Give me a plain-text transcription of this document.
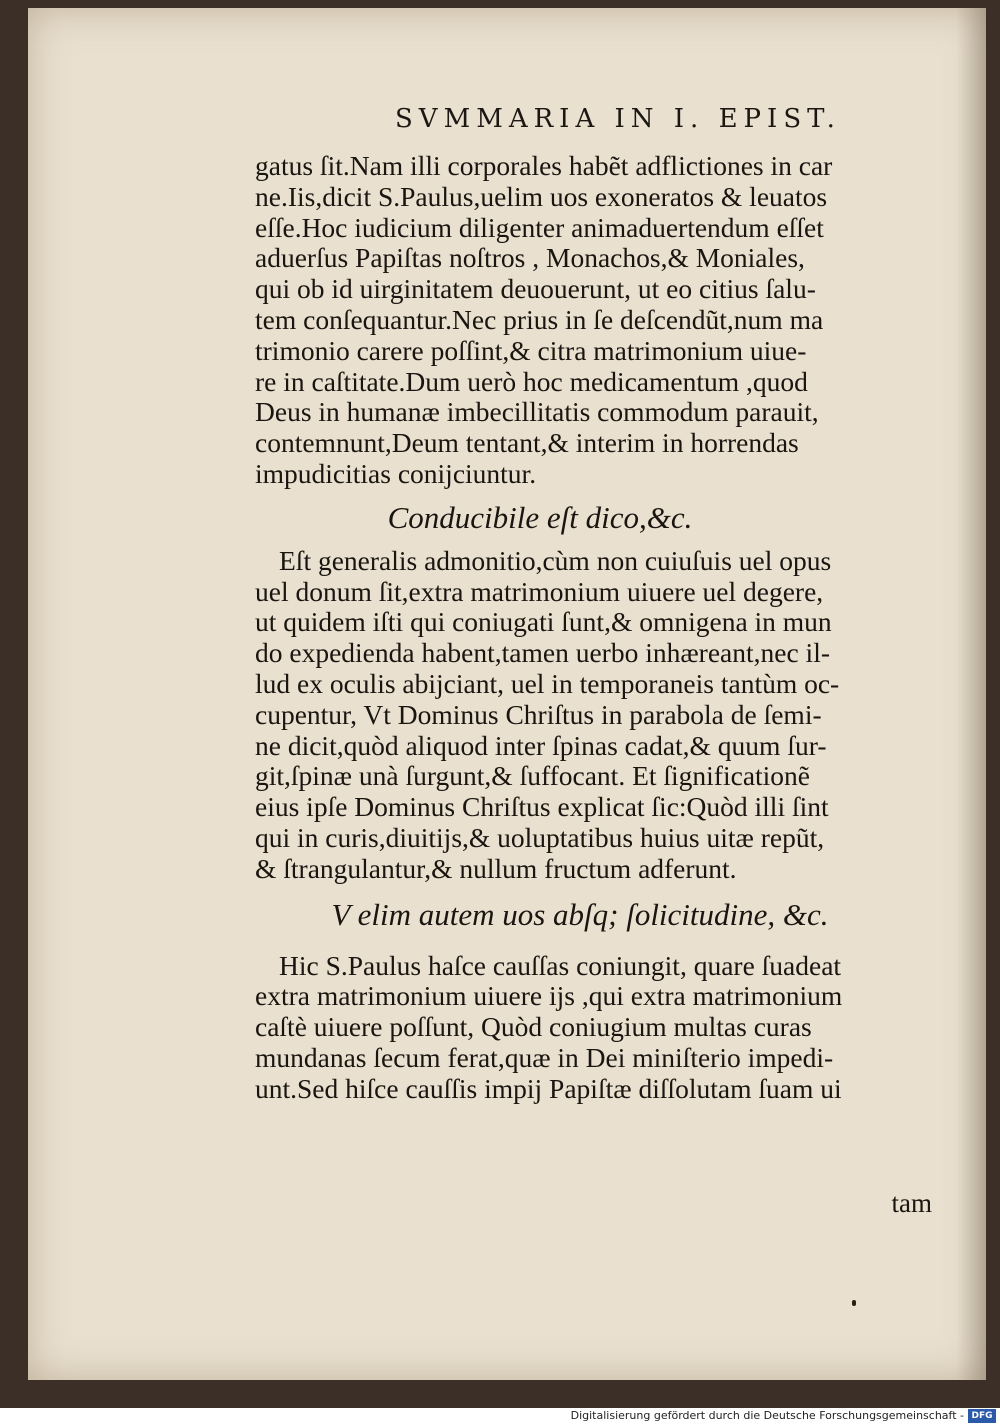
SVMMARIA IN I. EPIST.
gatus ſit.Nam illi corporales habẽt adflictiones in car
ne.Iis,dicit S.Paulus,uelim uos exoneratos & leuatos
eſſe.Hoc iudicium diligenter animaduertendum eſſet
aduerſus Papiſtas noſtros , Monachos,& Moniales,
qui ob id uirginitatem deuouerunt, ut eo citius ſalu-
tem conſequantur.Nec prius in ſe deſcendũt,num ma
trimonio carere poſſint,& citra matrimonium uiue-
re in caſtitate.Dum uerò hoc medicamentum ,quod
Deus in humanæ imbecillitatis commodum parauit,
contemnunt,Deum tentant,& interim in horrendas
impudicitias conijciuntur.
Conducibile eſt dico,&c.
Eſt generalis admonitio,cùm non cuiuſuis uel opus
uel donum ſit,extra matrimonium uiuere uel degere,
ut quidem iſti qui coniugati ſunt,& omnigena in mun
do expedienda habent,tamen uerbo inhæreant,nec il-
lud ex oculis abijciant, uel in temporaneis tantùm oc-
cupentur, Vt Dominus Chriſtus in parabola de ſemi-
ne dicit,quòd aliquod inter ſpinas cadat,& quum ſur-
git,ſpinæ unà ſurgunt,& ſuffocant. Et ſignificationẽ
eius ipſe Dominus Chriſtus explicat ſic:Quòd illi ſint
qui in curis,diuitijs,& uoluptatibus huius uitæ repũt,
& ſtrangulantur,& nullum fructum adferunt.
V elim autem uos abſq; ſolicitudine, &c.
Hic S.Paulus haſce cauſſas coniungit, quare ſuadeat
extra matrimonium uiuere ijs ,qui extra matrimonium
caſtè uiuere poſſunt, Quòd coniugium multas curas
mundanas ſecum ferat,quæ in Dei miniſterio impedi-
unt.Sed hiſce cauſſis impij Papiſtæ diſſolutam ſuam ui
tam
Digitalisierung gefördert durch die Deutsche Forschungsgemeinschaft - DFG
